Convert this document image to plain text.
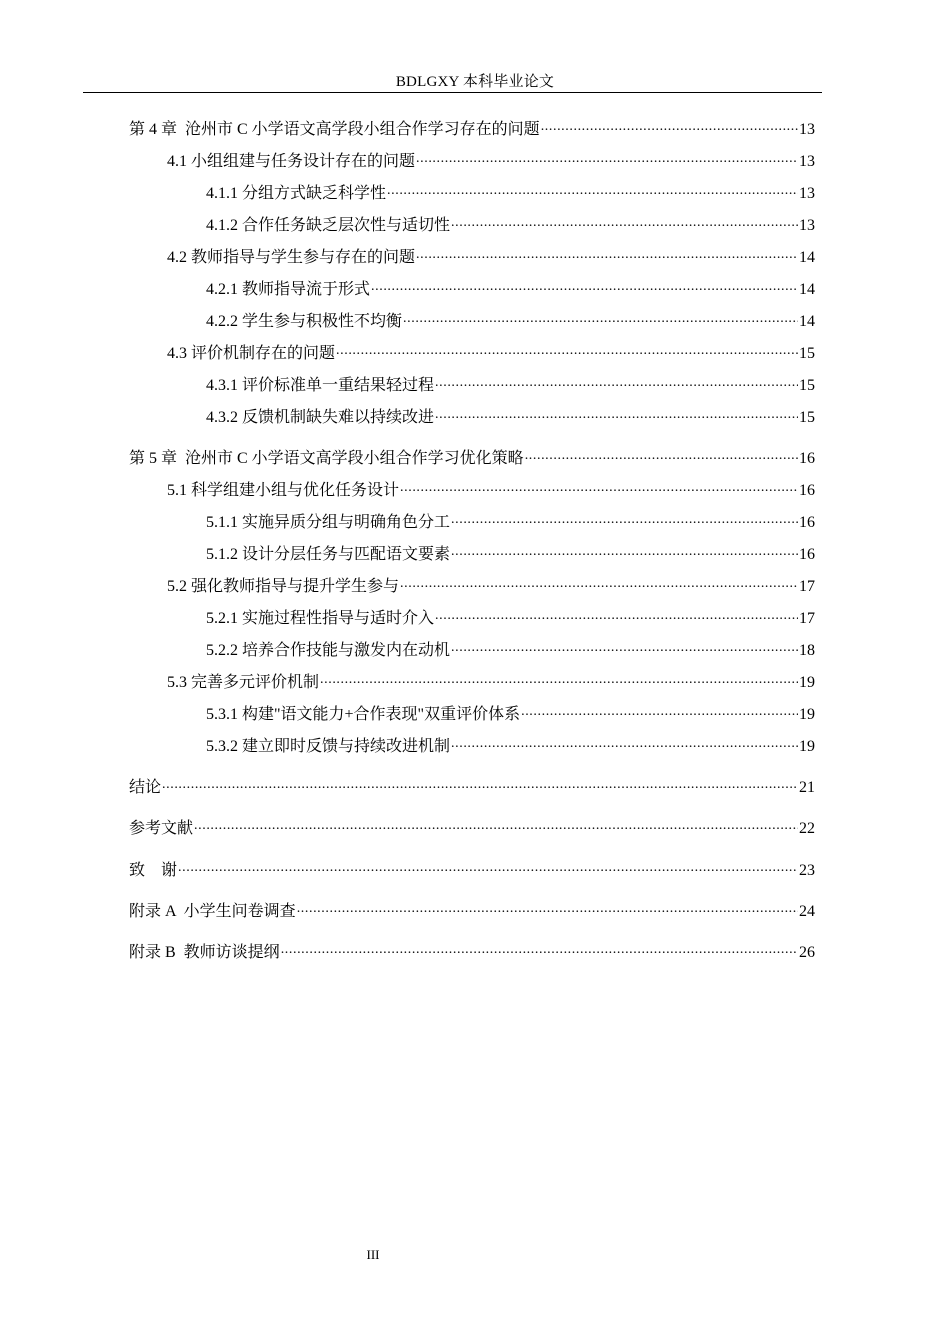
BDLGXY 本科毕业论文
第 4 章  沧州市 C 小学语文高学段小组合作学习存在的问题 .....	13
4.1 小组组建与任务设计存在的问题 .....	13
4.1.1 分组方式缺乏科学性 .....	13
4.1.2 合作任务缺乏层次性与适切性 .....	13
4.2 教师指导与学生参与存在的问题 .....	14
4.2.1 教师指导流于形式 .....	14
4.2.2 学生参与积极性不均衡 .....	14
4.3 评价机制存在的问题 .....	15
4.3.1 评价标准单一重结果轻过程 .....	15
4.3.2 反馈机制缺失难以持续改进 .....	15
第 5 章  沧州市 C 小学语文高学段小组合作学习优化策略 .....	16
5.1 科学组建小组与优化任务设计 .....	16
5.1.1 实施异质分组与明确角色分工 .....	16
5.1.2 设计分层任务与匹配语文要素 .....	16
5.2 强化教师指导与提升学生参与 .....	17
5.2.1 实施过程性指导与适时介入 .....	17
5.2.2 培养合作技能与激发内在动机 .....	18
5.3 完善多元评价机制 .....	19
5.3.1 构建"语文能力+合作表现"双重评价体系 .....	19
5.3.2 建立即时反馈与持续改进机制 .....	19
结论 .....	21
参考文献 .....	22
致    谢 .....	23
附录 A  小学生问卷调查 .....	24
附录 B  教师访谈提纲 .....	26
III
